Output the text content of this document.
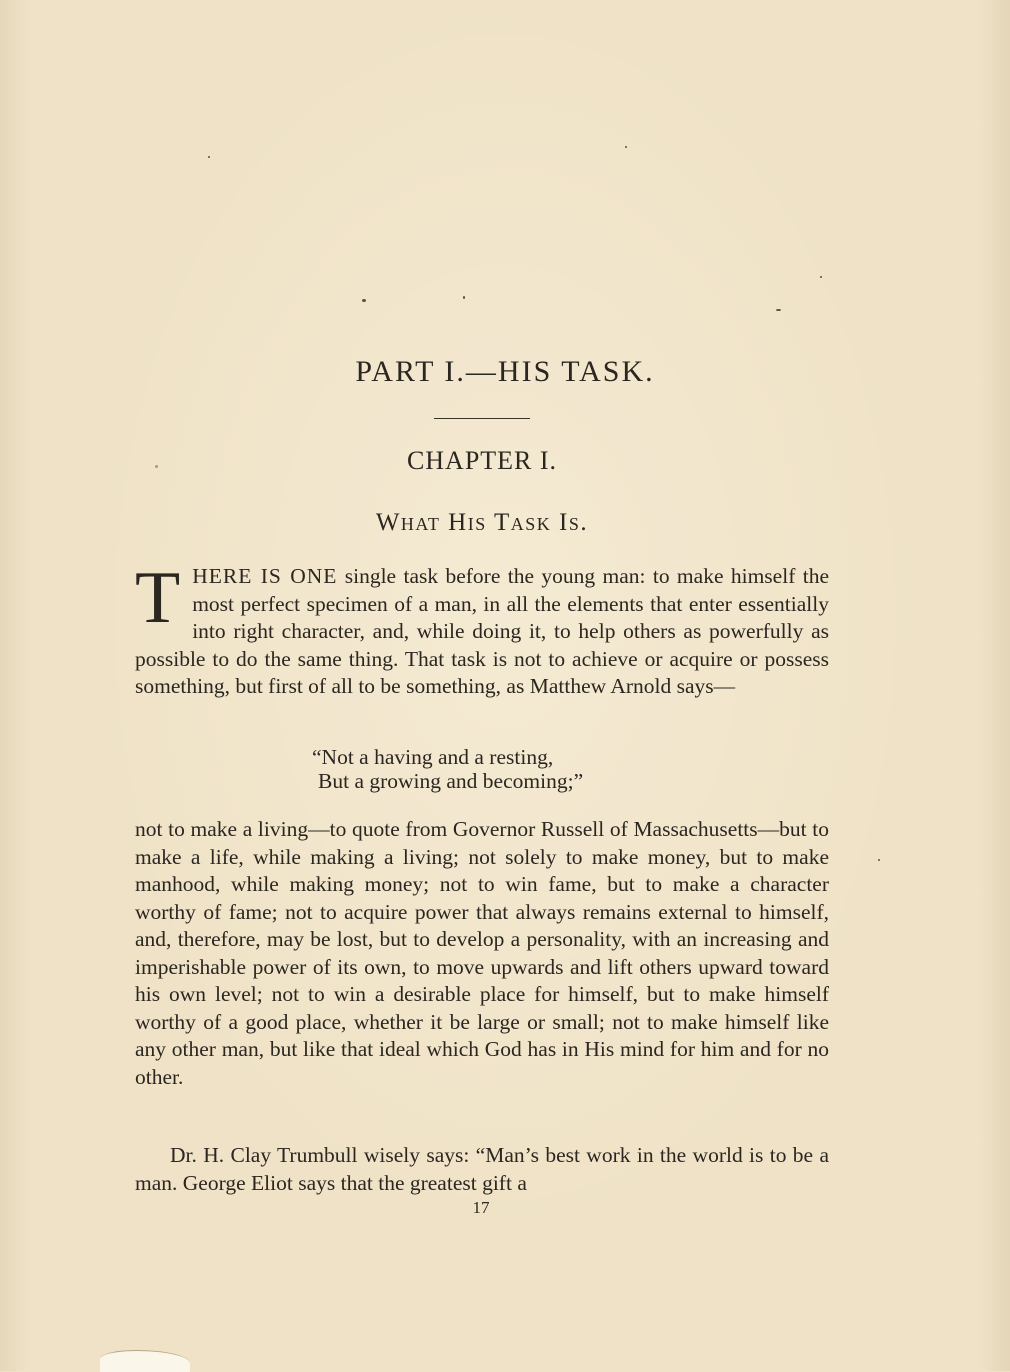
PART I.—HIS TASK.
CHAPTER I.
What His Task Is.
THERE IS ONE single task before the young man: to make himself the most perfect specimen of a man, in all the elements that enter essentially into right character, and, while doing it, to help others as powerfully as possible to do the same thing. That task is not to achieve or acquire or possess something, but first of all to be something, as Matthew Arnold says—
“Not a having and a resting,
But a growing and becoming;”
not to make a living—to quote from Governor Russell of Massachusetts—but to make a life, while making a living; not solely to make money, but to make manhood, while making money; not to win fame, but to make a character worthy of fame; not to acquire power that always remains external to himself, and, therefore, may be lost, but to develop a personality, with an increasing and imperishable power of its own, to move upwards and lift others upward toward his own level; not to win a desirable place for himself, but to make himself worthy of a good place, whether it be large or small; not to make himself like any other man, but like that ideal which God has in His mind for him and for no other.
Dr. H. Clay Trumbull wisely says: “Man’s best work in the world is to be a man. George Eliot says that the greatest gift a
17
